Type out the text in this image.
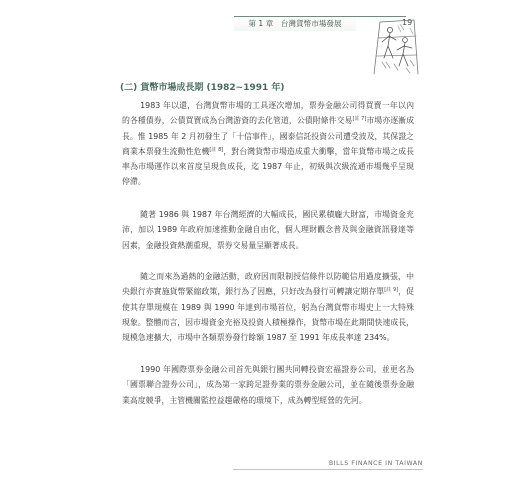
第 1 章　台灣貨幣市場發展	19
(二) 貨幣市場成長期 (1982~1991 年)

1983 年以還，台灣貨幣市場的工具逐次增加，票券金融公司得買賣一年以內的各種債券，公債買賣成為台灣游資的去化管道，公債附條件交易[註 7]市場亦逐漸成長。惟 1985 年 2 月初發生了「十信事件」，國泰信託投資公司遭受波及，其保證之商業本票發生流動性危機[註 8]，對台灣貨幣市場造成重大衝擊，當年貨幣市場之成長率為市場運作以來首度呈現負成長，迄 1987 年止，初級與次級流通市場幾乎呈現停滯。

隨著 1986 與 1987 年台灣經濟的大幅成長，國民累積龐大財富，市場資金充沛，加以 1989 年政府加速推動金融自由化，個人理財觀念普及與金融資訊發達等因素，金融投資熱潮重現，票券交易量呈顯著成長。

隨之而來為過熱的金融活動，政府因而限制授信條件以防範信用過度擴張，中央銀行亦實施貨幣緊縮政策，銀行為了因應，只好改為發行可轉讓定期存單[註 9]，促使其存單規模在 1989 與 1990 年達到市場首位，躬為台灣貨幣市場史上一大特殊現象。整體而言，因市場資金充裕及投資人積極操作，貨幣市場在此期間快速成長，規模急速擴大，市場中各類票券發行餘額 1987 至 1991 年成長率達 234%。

1990 年國際票券金融公司首先與銀行團共同轉投資宏福證券公司，並更名為「國票聯合證券公司」，成為第一家跨足證券業的票券金融公司，並在隨後票券金融業高度競爭，主管機關監控益趨嚴格的環境下，成為轉型經營的先河。

BILLS FINANCE IN TAIWAN
